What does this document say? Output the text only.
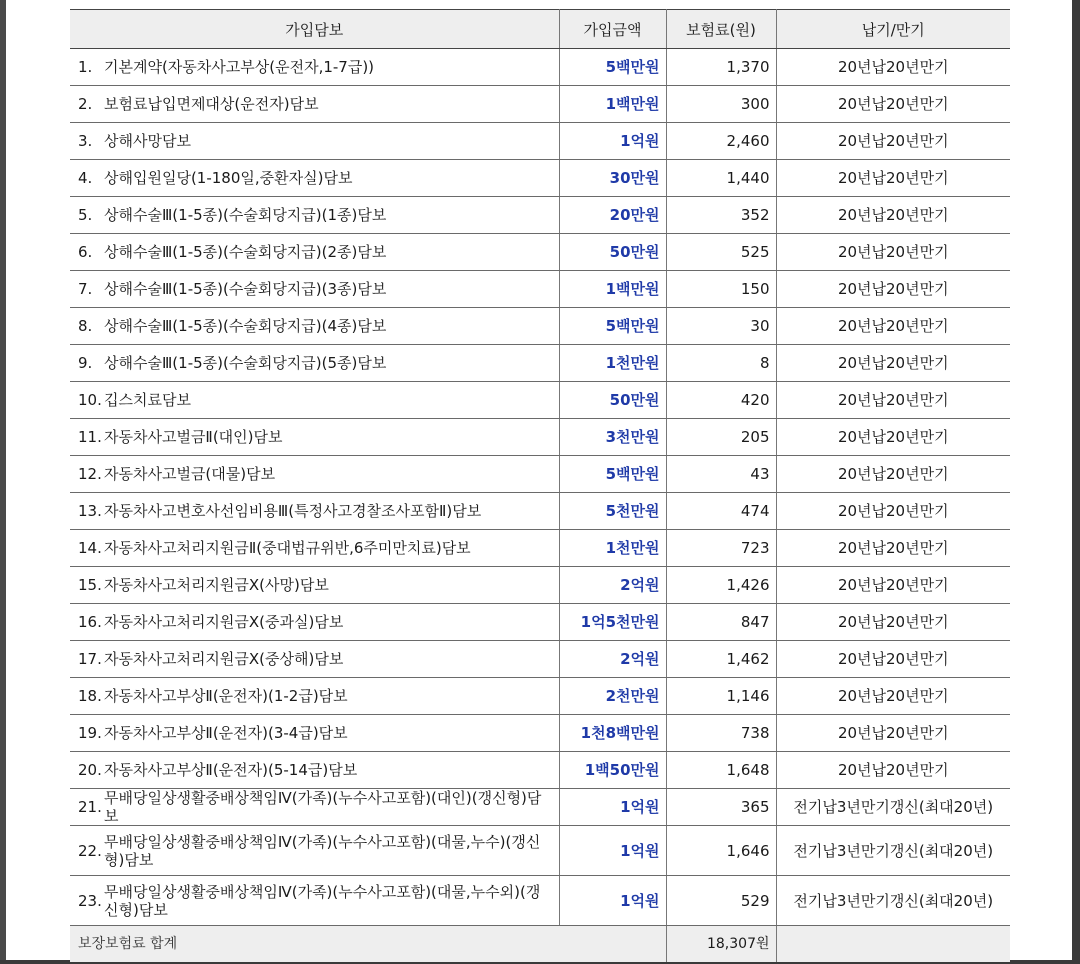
가입담보	가입금액	보험료(원)	납기/만기

1. 기본계약(자동차사고부상(운전자,1-7급))	5백만원	1,370	20년납20년만기

2. 보험료납입면제대상(운전자)담보	1백만원	300	20년납20년만기

3. 상해사망담보	1억원	2,460	20년납20년만기

4. 상해입원일당(1-180일,중환자실)담보	30만원	1,440	20년납20년만기

5. 상해수술Ⅲ(1-5종)(수술회당지급)(1종)담보	20만원	352	20년납20년만기

6. 상해수술Ⅲ(1-5종)(수술회당지급)(2종)담보	50만원	525	20년납20년만기

7. 상해수술Ⅲ(1-5종)(수술회당지급)(3종)담보	1백만원	150	20년납20년만기

8. 상해수술Ⅲ(1-5종)(수술회당지급)(4종)담보	5백만원	30	20년납20년만기

9. 상해수술Ⅲ(1-5종)(수술회당지급)(5종)담보	1천만원	8	20년납20년만기

10. 깁스치료담보	50만원	420	20년납20년만기

11. 자동차사고벌금Ⅱ(대인)담보	3천만원	205	20년납20년만기

12. 자동차사고벌금(대물)담보	5백만원	43	20년납20년만기

13. 자동차사고변호사선임비용Ⅲ(특정사고경찰조사포함Ⅱ)담보	5천만원	474	20년납20년만기

14. 자동차사고처리지원금Ⅱ(중대법규위반,6주미만치료)담보	1천만원	723	20년납20년만기

15. 자동차사고처리지원금Ⅹ(사망)담보	2억원	1,426	20년납20년만기

16. 자동차사고처리지원금Ⅹ(중과실)담보	1억5천만원	847	20년납20년만기

17. 자동차사고처리지원금Ⅹ(중상해)담보	2억원	1,462	20년납20년만기

18. 자동차사고부상Ⅱ(운전자)(1-2급)담보	2천만원	1,146	20년납20년만기

19. 자동차사고부상Ⅱ(운전자)(3-4급)담보	1천8백만원	738	20년납20년만기

20. 자동차사고부상Ⅱ(운전자)(5-14급)담보	1백50만원	1,648	20년납20년만기

21. 무배당일상생활중배상책임Ⅳ(가족)(누수사고포함)(대인)(갱신형)담보	1억원	365	전기납3년만기갱신(최대20년)

22. 무배당일상생활중배상책임Ⅳ(가족)(누수사고포함)(대물,누수)(갱신형)담보	1억원	1,646	전기납3년만기갱신(최대20년)

23. 무배당일상생활중배상책임Ⅳ(가족)(누수사고포함)(대물,누수외)(갱신형)담보	1억원	529	전기납3년만기갱신(최대20년)
보장보험료 합계		18,307원	
